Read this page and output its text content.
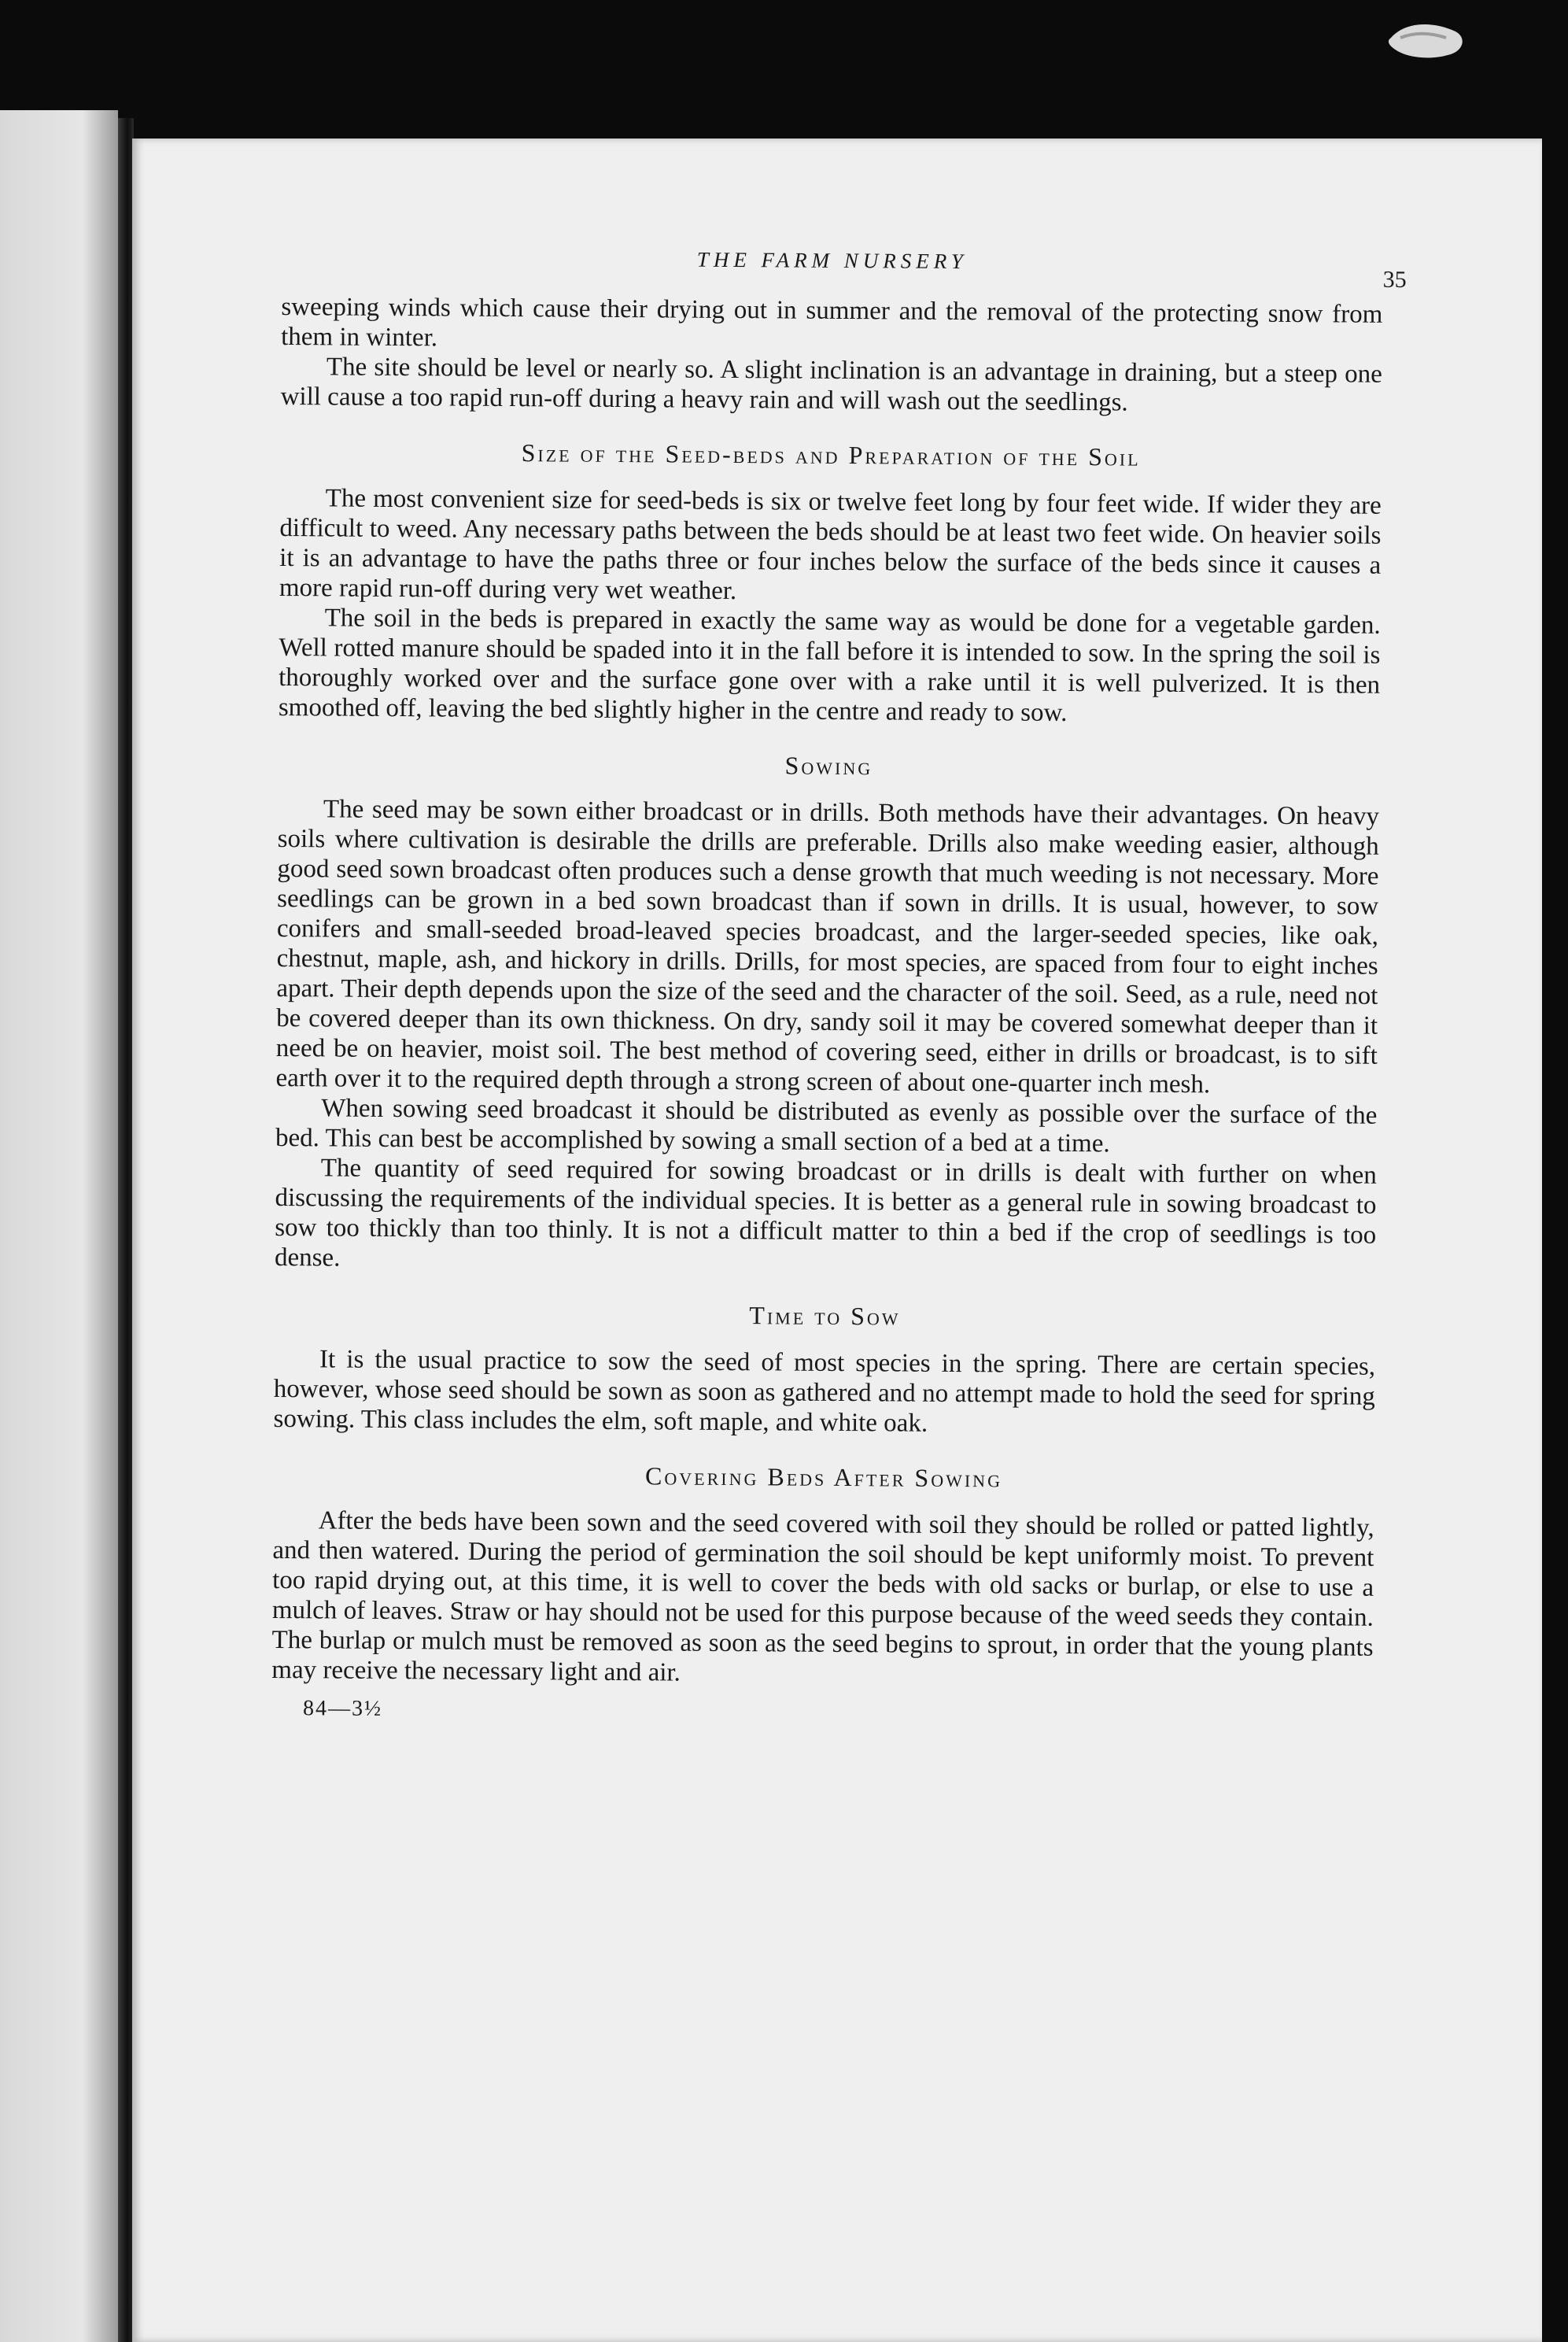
THE FARM NURSERY
35

sweeping winds which cause their drying out in summer and the removal of the protecting snow from them in winter.

The site should be level or nearly so. A slight inclination is an advantage in draining, but a steep one will cause a too rapid run-off during a heavy rain and will wash out the seedlings.

Size of the Seed-beds and Preparation of the Soil

The most convenient size for seed-beds is six or twelve feet long by four feet wide. If wider they are difficult to weed. Any necessary paths between the beds should be at least two feet wide. On heavier soils it is an advantage to have the paths three or four inches below the surface of the beds since it causes a more rapid run-off during very wet weather.

The soil in the beds is prepared in exactly the same way as would be done for a vegetable garden. Well rotted manure should be spaded into it in the fall before it is intended to sow. In the spring the soil is thoroughly worked over and the surface gone over with a rake until it is well pulverized. It is then smoothed off, leaving the bed slightly higher in the centre and ready to sow.

Sowing

The seed may be sown either broadcast or in drills. Both methods have their advantages. On heavy soils where cultivation is desirable the drills are preferable. Drills also make weeding easier, although good seed sown broadcast often produces such a dense growth that much weeding is not necessary. More seedlings can be grown in a bed sown broadcast than if sown in drills. It is usual, however, to sow conifers and small-seeded broad-leaved species broadcast, and the larger-seeded species, like oak, chestnut, maple, ash, and hickory in drills. Drills, for most species, are spaced from four to eight inches apart. Their depth depends upon the size of the seed and the character of the soil. Seed, as a rule, need not be covered deeper than its own thickness. On dry, sandy soil it may be covered somewhat deeper than it need be on heavier, moist soil. The best method of covering seed, either in drills or broadcast, is to sift earth over it to the required depth through a strong screen of about one-quarter inch mesh.

When sowing seed broadcast it should be distributed as evenly as possible over the surface of the bed. This can best be accomplished by sowing a small section of a bed at a time.

The quantity of seed required for sowing broadcast or in drills is dealt with further on when discussing the requirements of the individual species. It is better as a general rule in sowing broadcast to sow too thickly than too thinly. It is not a difficult matter to thin a bed if the crop of seedlings is too dense.

Time to Sow

It is the usual practice to sow the seed of most species in the spring. There are certain species, however, whose seed should be sown as soon as gathered and no attempt made to hold the seed for spring sowing. This class includes the elm, soft maple, and white oak.

Covering Beds After Sowing

After the beds have been sown and the seed covered with soil they should be rolled or patted lightly, and then watered. During the period of germination the soil should be kept uniformly moist. To prevent too rapid drying out, at this time, it is well to cover the beds with old sacks or burlap, or else to use a mulch of leaves. Straw or hay should not be used for this purpose because of the weed seeds they contain. The burlap or mulch must be removed as soon as the seed begins to sprout, in order that the young plants may receive the necessary light and air.

84—3½
